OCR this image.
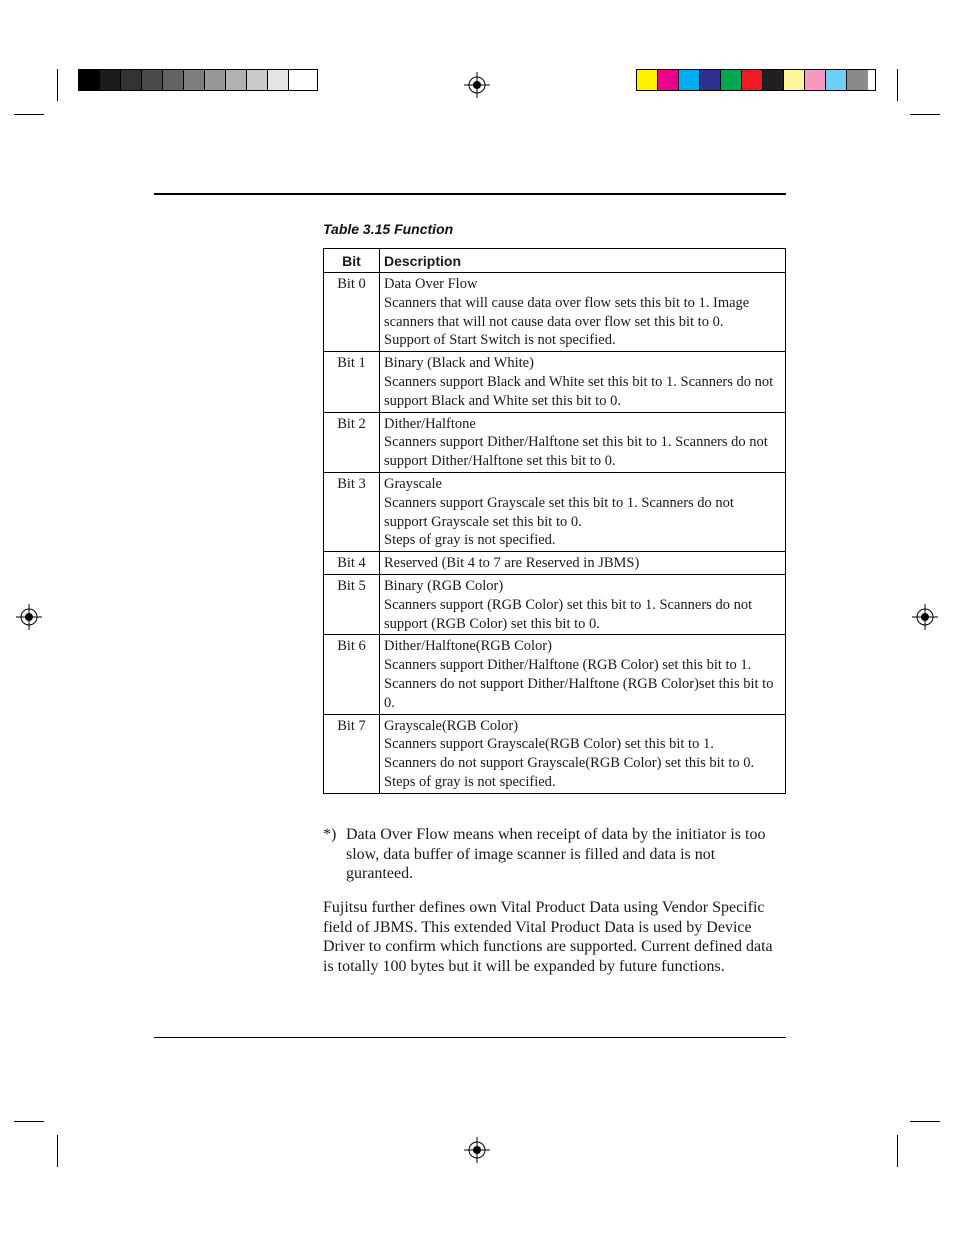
Table 3.15 Function
Bit	Description
Bit 0	Data Over Flow
Scanners that will cause data over flow sets this bit to 1. Image scanners that will not cause data over flow set this bit to 0.
Support of Start Switch is not specified.

Bit 1	Binary (Black and White)
Scanners support Black and White set this bit to 1. Scanners do not support Black and White set this bit to 0.

Bit 2	Dither/Halftone
Scanners support Dither/Halftone set this bit to 1. Scanners do not support Dither/Halftone set this bit to 0.

Bit 3	Grayscale
Scanners support Grayscale set this bit to 1. Scanners do not support Grayscale set this bit to 0.
Steps of gray is not specified.

Bit 4	Reserved (Bit 4 to 7 are Reserved in JBMS)

Bit 5	Binary (RGB Color)
Scanners support (RGB Color) set this bit to 1. Scanners do not support (RGB Color) set this bit to 0.

Bit 6	Dither/Halftone(RGB Color)
Scanners support Dither/Halftone (RGB Color) set this bit to 1. Scanners do not support Dither/Halftone (RGB Color)set this bit to 0.

Bit 7	Grayscale(RGB Color)
Scanners support Grayscale(RGB Color) set this bit to 1.
Scanners do not support Grayscale(RGB Color) set this bit to 0.
Steps of gray is not specified.
*) Data Over Flow means when receipt of data by the initiator is too slow, data buffer of image scanner is filled and data is not guranteed.
Fujitsu further defines own Vital Product Data using Vendor Specific field of JBMS. This extended Vital Product Data is used by Device Driver to confirm which functions are supported. Current defined data is totally 100 bytes but it will be expanded by future functions.
